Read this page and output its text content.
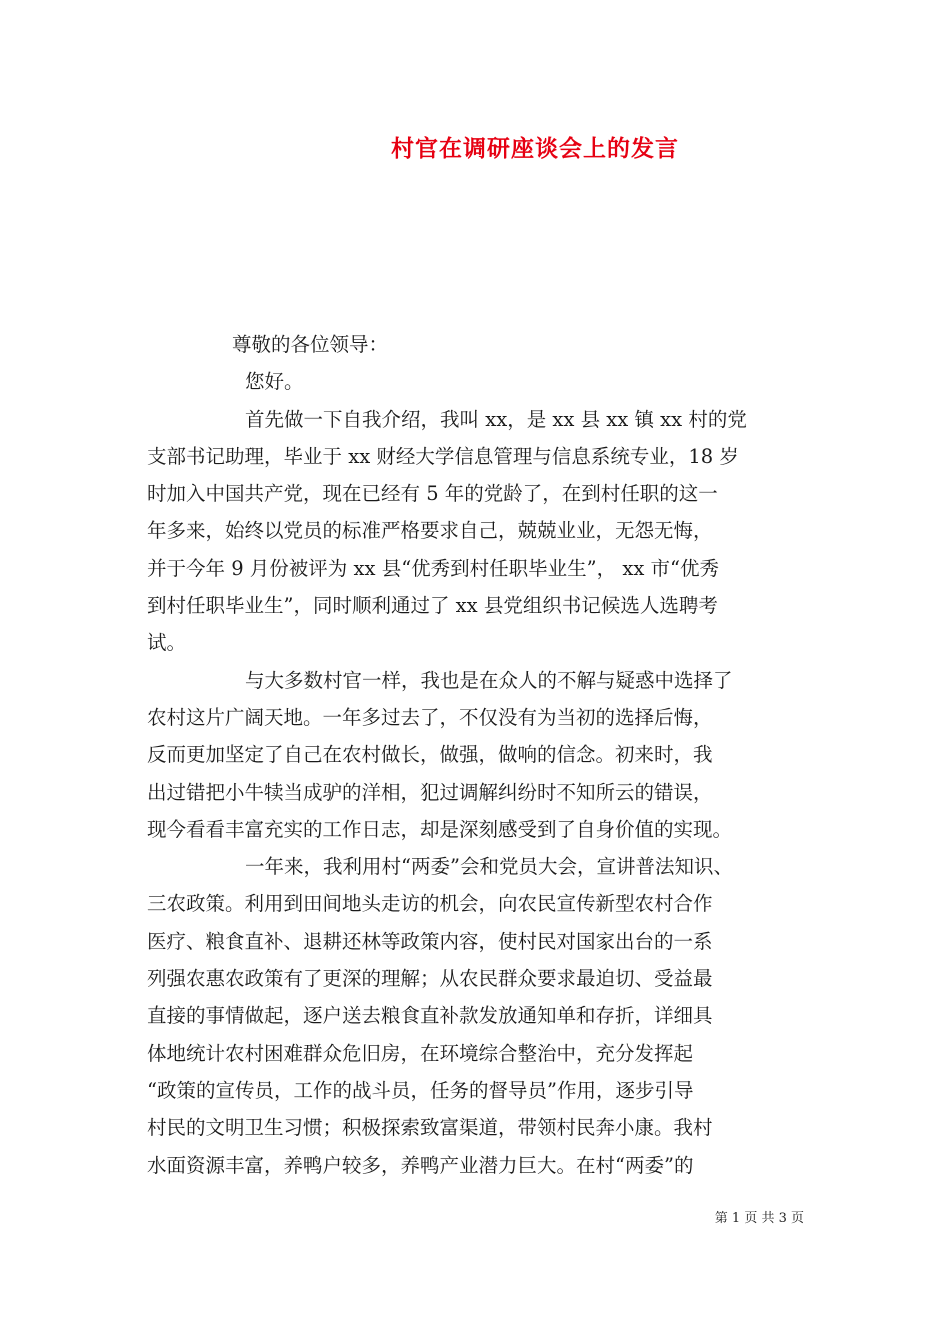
村官在调研座谈会上的发言
尊敬的各位领导：
您好。
首先做一下自我介绍，我叫 xx，是 xx 县 xx 镇 xx 村的党
支部书记助理，毕业于 xx 财经大学信息管理与信息系统专业，18 岁
时加入中国共产党，现在已经有 5 年的党龄了，在到村任职的这一
年多来，始终以党员的标准严格要求自己，兢兢业业，无怨无悔，
并于今年 9 月份被评为 xx 县“优秀到村任职毕业生”， xx 市“优秀
到村任职毕业生”，同时顺利通过了 xx 县党组织书记候选人选聘考
试。
与大多数村官一样，我也是在众人的不解与疑惑中选择了
农村这片广阔天地。一年多过去了，不仅没有为当初的选择后悔，
反而更加坚定了自己在农村做长，做强，做响的信念。初来时，我
出过错把小牛犊当成驴的洋相，犯过调解纠纷时不知所云的错误，
现今看看丰富充实的工作日志，却是深刻感受到了自身价值的实现。
一年来，我利用村“两委”会和党员大会，宣讲普法知识、
三农政策。利用到田间地头走访的机会，向农民宣传新型农村合作
医疗、粮食直补、退耕还林等政策内容，使村民对国家出台的一系
列强农惠农政策有了更深的理解；从农民群众要求最迫切、受益最
直接的事情做起，逐户送去粮食直补款发放通知单和存折，详细具
体地统计农村困难群众危旧房，在环境综合整治中，充分发挥起
“政策的宣传员，工作的战斗员，任务的督导员”作用，逐步引导
村民的文明卫生习惯；积极探索致富渠道，带领村民奔小康。我村
水面资源丰富，养鸭户较多，养鸭产业潜力巨大。在村“两委”的
第 1 页 共 3 页
